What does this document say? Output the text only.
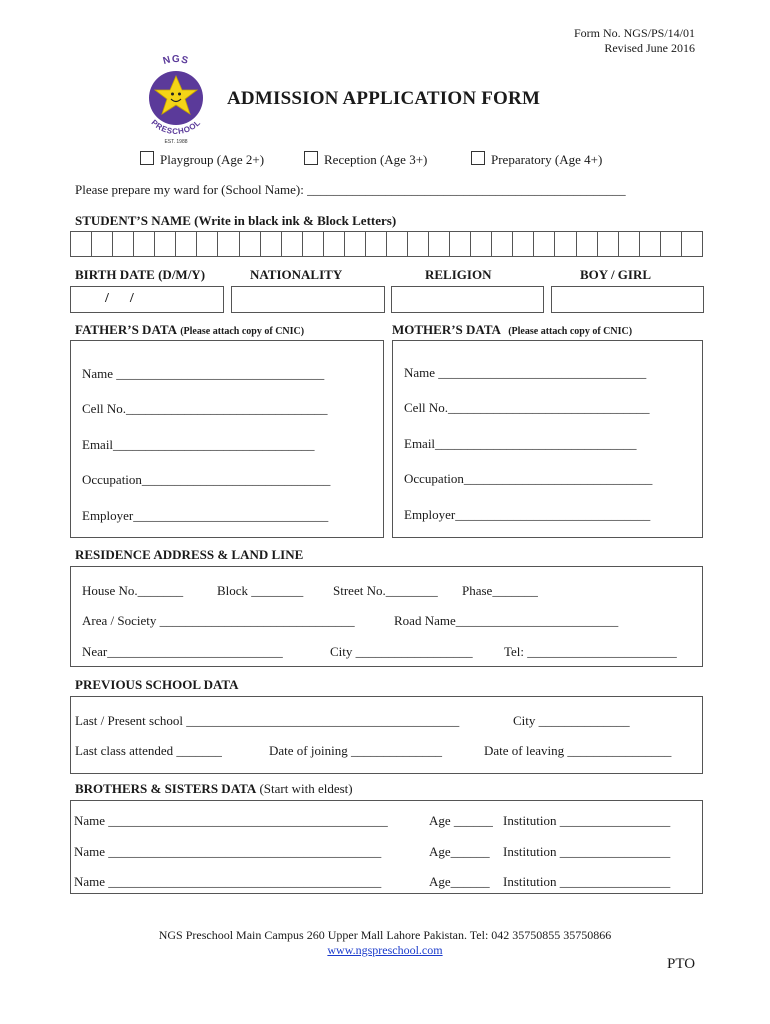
Form No. NGS/PS/14/01
Revised June 2016
NGS
PRESCHOOL
EST. 1988
ADMISSION APPLICATION FORM
Playgroup (Age 2+)	Reception (Age 3+)	Preparatory (Age 4+)
Please prepare my ward for (School Name): _________________________________________________
STUDENT’S NAME (Write in black ink & Block Letters)
BIRTH DATE (D/M/Y)	NATIONALITY	RELIGION	BOY / GIRL
/      /
FATHER’S DATA (Please attach copy of CNIC)	MOTHER’S DATA (Please attach copy of CNIC)
Name ________________________________
Cell No._______________________________
Email_______________________________
Occupation_____________________________
Employer______________________________
Name ________________________________
Cell No._______________________________
Email_______________________________
Occupation_____________________________
Employer______________________________
RESIDENCE ADDRESS & LAND LINE
House No._______	Block ________ Street No.________ Phase_______
Area / Society ______________________________	Road Name_________________________
Near___________________________	City __________________ Tel: _______________________
PREVIOUS SCHOOL DATA
Last / Present school __________________________________________	City ______________
Last class attended _______	Date of joining ______________	Date of leaving ________________
BROTHERS & SISTERS DATA (Start with eldest)
Name ___________________________________________	Age ______ Institution _________________
Name __________________________________________	Age______ Institution _________________
Name __________________________________________	Age______ Institution _________________
NGS Preschool Main Campus 260 Upper Mall Lahore Pakistan. Tel: 042 35750855 35750866
www.ngspreschool.com
PTO
